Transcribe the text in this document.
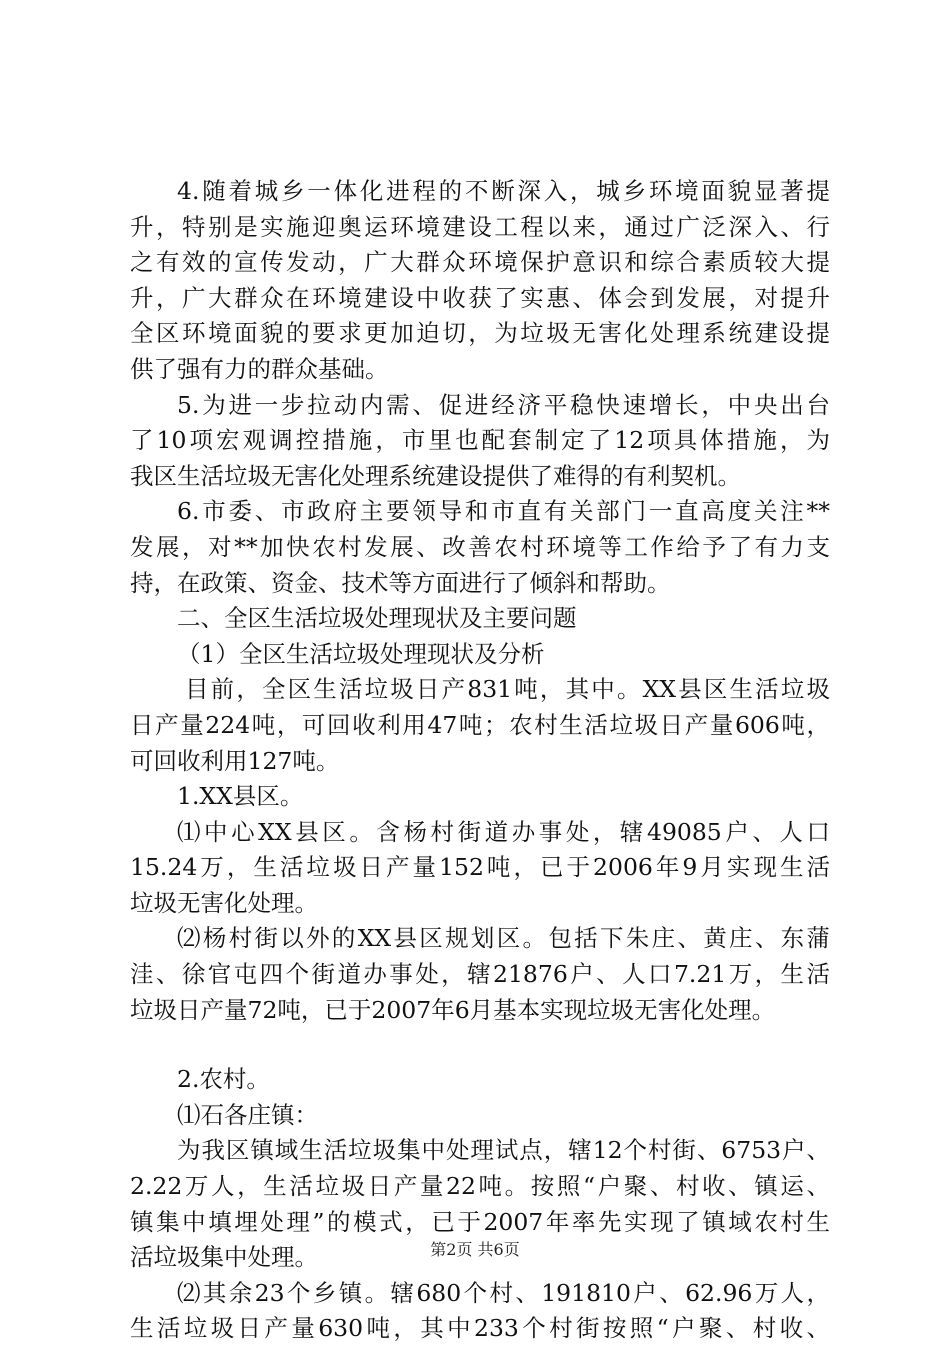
4.随着城乡一体化进程的不断深入，城乡环境面貌显著提
升，特别是实施迎奥运环境建设工程以来，通过广泛深入、行
之有效的宣传发动，广大群众环境保护意识和综合素质较大提
升，广大群众在环境建设中收获了实惠、体会到发展，对提升
全区环境面貌的要求更加迫切，为垃圾无害化处理系统建设提
供了强有力的群众基础。
5.为进一步拉动内需、促进经济平稳快速增长，中央出台
了10项宏观调控措施，市里也配套制定了12项具体措施，为
我区生活垃圾无害化处理系统建设提供了难得的有利契机。
6.市委、市政府主要领导和市直有关部门一直高度关注**
发展，对**加快农村发展、改善农村环境等工作给予了有力支
持，在政策、资金、技术等方面进行了倾斜和帮助。
二、全区生活垃圾处理现状及主要问题
（1）全区生活垃圾处理现状及分析
目前，全区生活垃圾日产831吨，其中。XX县区生活垃圾
日产量224吨，可回收利用47吨；农村生活垃圾日产量606吨，
可回收利用127吨。
1.XX县区。
⑴中心XX县区。含杨村街道办事处，辖49085户、人口
15.24万，生活垃圾日产量152吨，已于2006年9月实现生活
垃圾无害化处理。
⑵杨村街以外的XX县区规划区。包括下朱庄、黄庄、东蒲
洼、徐官屯四个街道办事处，辖21876户、人口7.21万，生活
垃圾日产量72吨，已于2007年6月基本实现垃圾无害化处理。
2.农村。
⑴石各庄镇：
为我区镇域生活垃圾集中处理试点，辖12个村街、6753户、
2.22万人，生活垃圾日产量22吨。按照“户聚、村收、镇运、
镇集中填埋处理”的模式，已于2007年率先实现了镇域农村生
活垃圾集中处理。
⑵其余23个乡镇。辖680个村、191810户、62.96万人，
生活垃圾日产量630吨，其中233个村街按照“户聚、村收、
第2页 共6页
